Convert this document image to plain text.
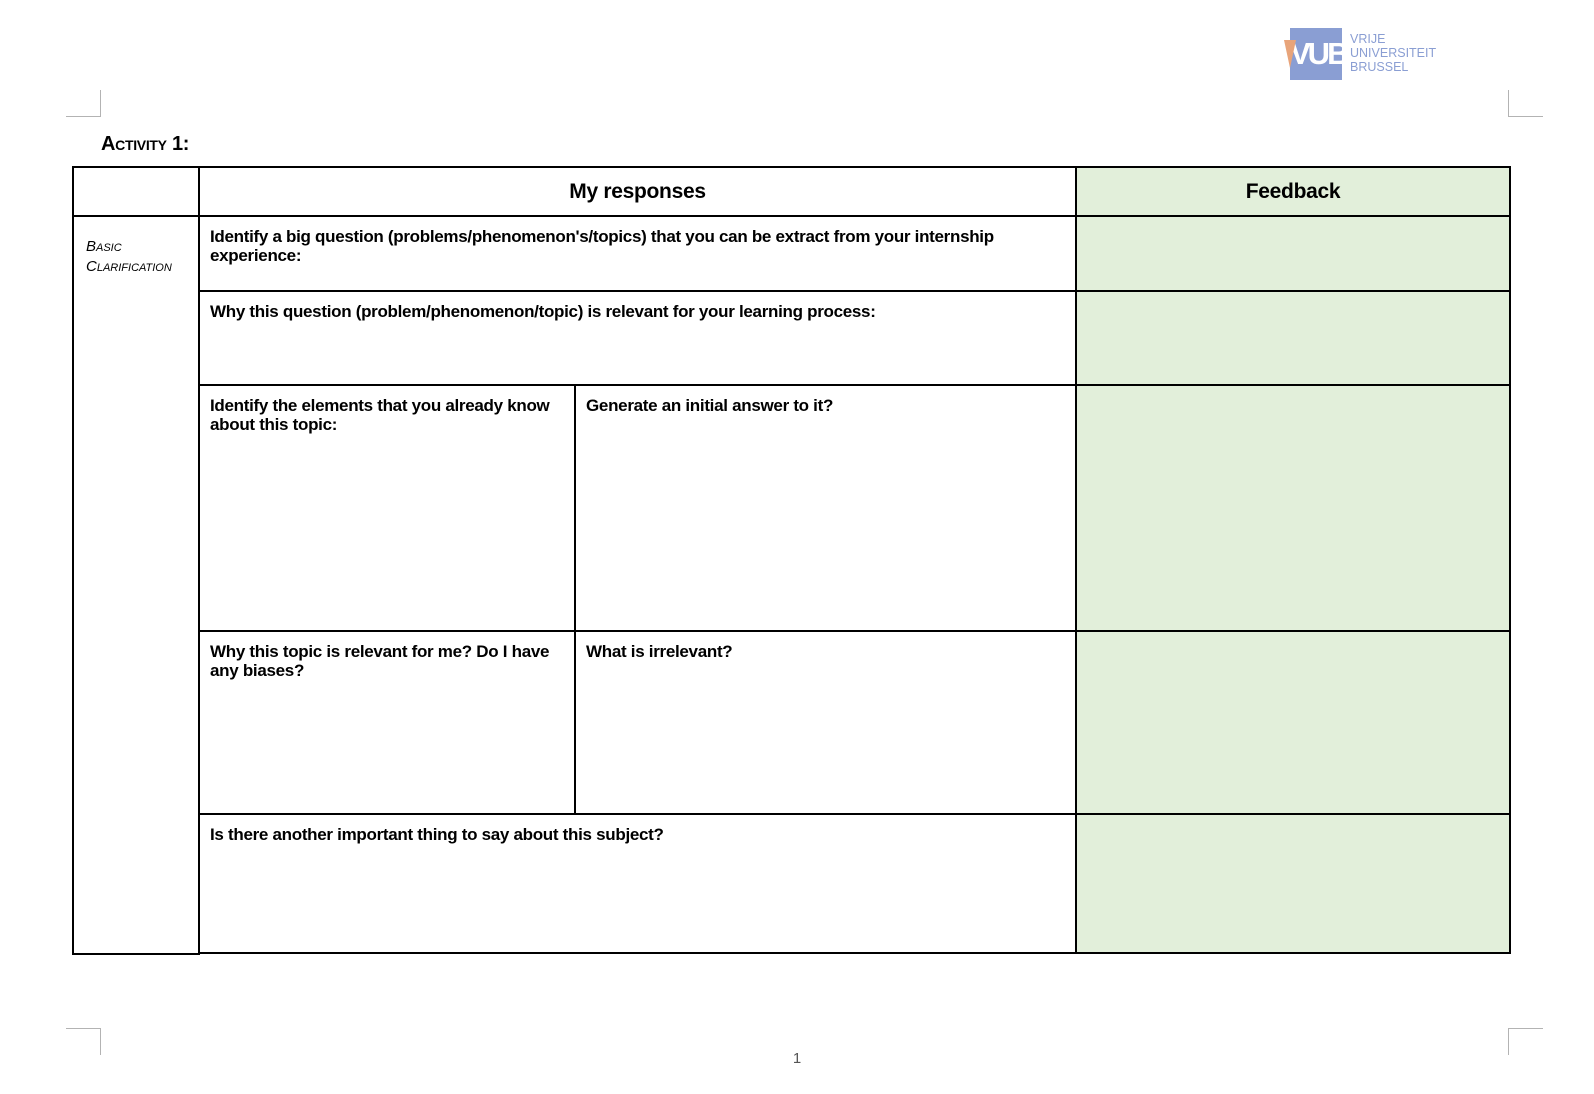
VUB VRIJE
UNIVERSITEIT
BRUSSEL
Activity 1:
	My responses		Feedback
Basic Clarification	Identify a big question (problems/phenomenon's/topics) that you can be extract from your internship experience:		
	Why this question (problem/phenomenon/topic) is relevant for your learning process:		
	Identify the elements that you already know about this topic:	Generate an initial answer to it?	
	Why this topic is relevant for me? Do I have any biases?	What is irrelevant?	
	Is there another important thing to say about this subject?		

1
